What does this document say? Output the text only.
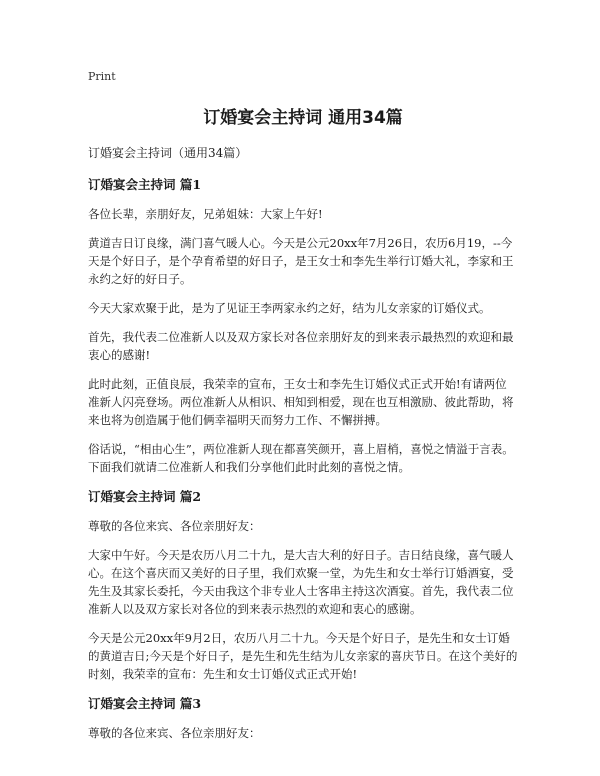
Print
订婚宴会主持词 通用34篇

订婚宴会主持词（通用34篇）

订婚宴会主持词 篇1

各位长辈，亲朋好友，兄弟姐妹：大家上午好!

黄道吉日订良缘，满门喜气暖人心。今天是公元20xx年7月26日，农历6月19，--今天是个好日子，是个孕育希望的好日子，是王女士和李先生举行订婚大礼，李家和王永约之好的好日子。

今天大家欢聚于此，是为了见证王李两家永约之好，结为儿女亲家的订婚仪式。

首先，我代表二位准新人以及双方家长对各位亲朋好友的到来表示最热烈的欢迎和最衷心的感谢!

此时此刻，正值良辰，我荣幸的宣布，王女士和李先生订婚仪式正式开始!有请两位准新人闪亮登场。两位准新人从相识、相知到相爱，现在也互相激励、彼此帮助，将来也将为创造属于他们俩幸福明天而努力工作、不懈拼搏。

俗话说，“相由心生”，两位准新人现在都喜笑颜开，喜上眉梢，喜悦之情溢于言表。下面我们就请二位准新人和我们分享他们此时此刻的喜悦之情。

订婚宴会主持词 篇2

尊敬的各位来宾、各位亲朋好友：

大家中午好。今天是农历八月二十九，是大吉大利的好日子。吉日结良缘，喜气暖人心。在这个喜庆而又美好的日子里，我们欢聚一堂，为先生和女士举行订婚酒宴，受先生及其家长委托，今天由我这个非专业人士客串主持这次酒宴。首先，我代表二位准新人以及双方家长对各位的到来表示热烈的欢迎和衷心的感谢。

今天是公元20xx年9月2日，农历八月二十九。今天是个好日子，是先生和女士订婚的黄道吉日;今天是个好日子，是先生和先生结为儿女亲家的喜庆节日。在这个美好的时刻，我荣幸的宣布：先生和女士订婚仪式正式开始!

订婚宴会主持词 篇3

尊敬的各位来宾、各位亲朋好友：
